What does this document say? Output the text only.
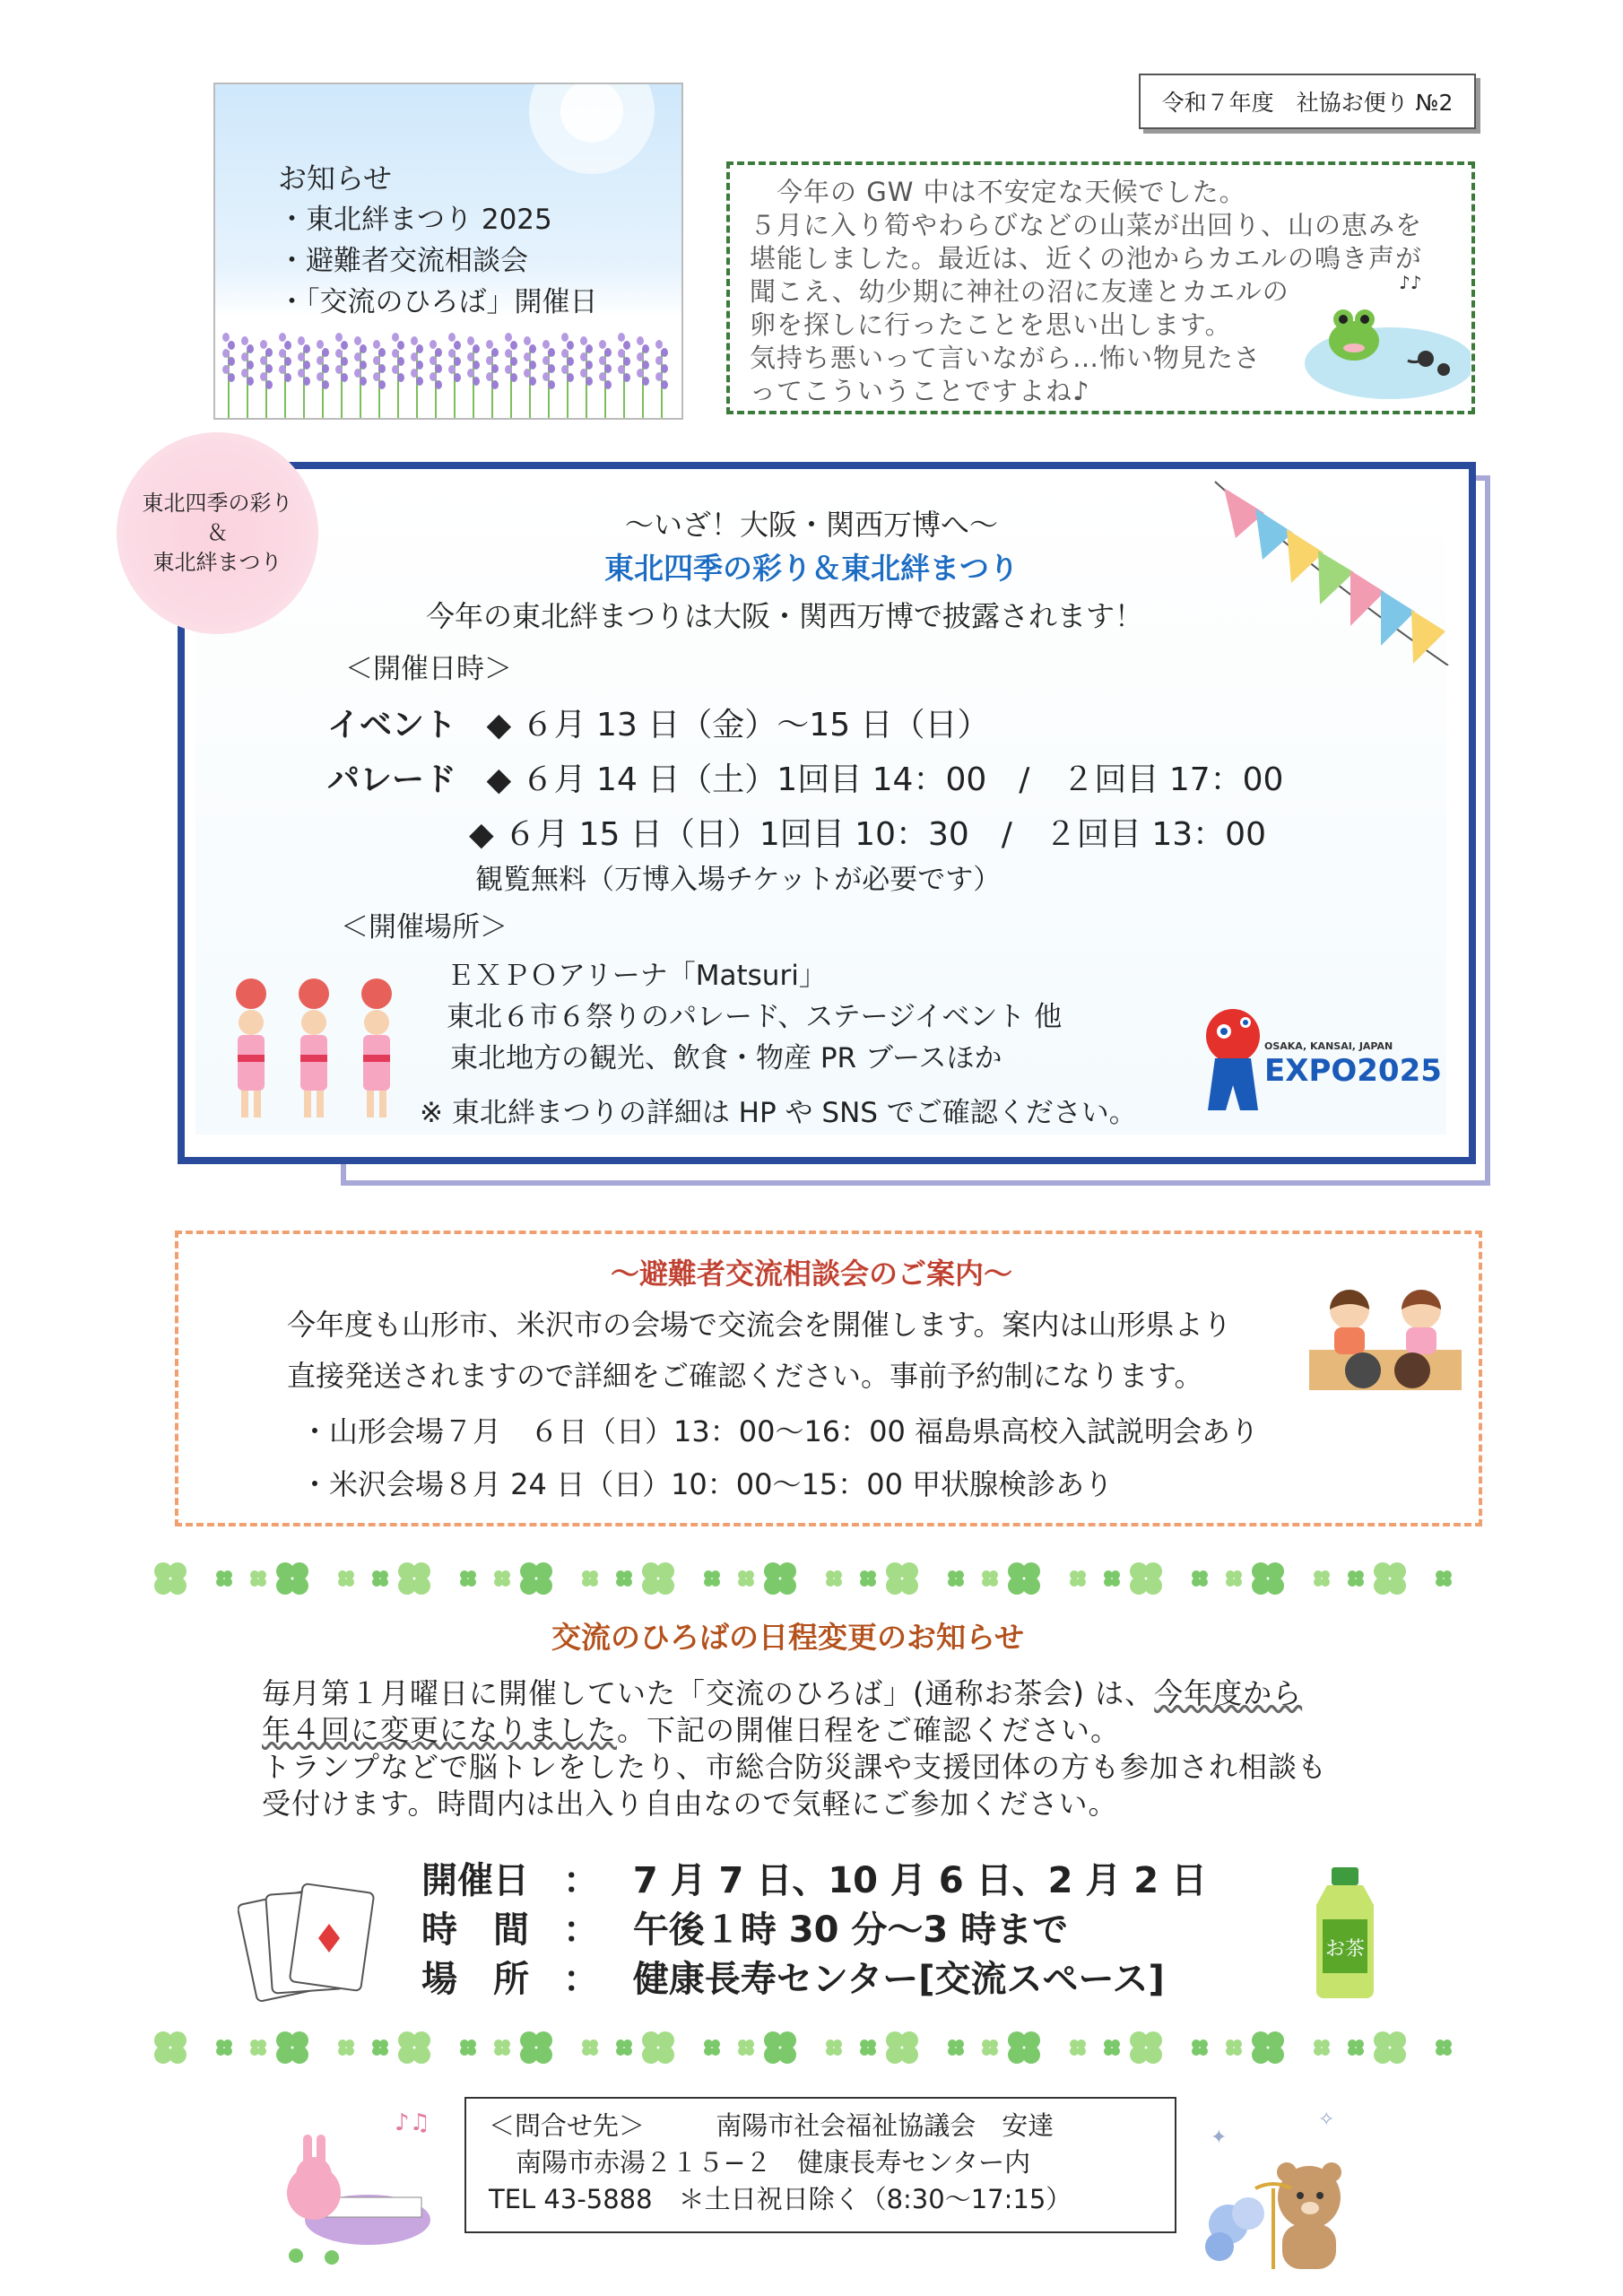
令和７年度　社協お便り №2
お知らせ
・ 東北絆まつり 2025
・ 避難者交流相談会
・ 「交流のひろば」開催日

　今年の GW 中は不安定な天候でした。

５月に入り筍やわらびなどの山菜が出回り、山の恵みを

堪能しました。最近は、近くの池からカエルの鳴き声が

聞こえ、幼少期に神社の沼に友達とカエルの

卵を探しに行ったことを思い出します。

気持ち悪いって言いながら…怖い物見たさ

ってこういうことですよね♪

♪♪
東北四季の彩り
＆
東北絆まつり
〜いざ！大阪・関西万博へ〜
東北四季の彩り＆東北絆まつり
今年の東北絆まつりは大阪・関西万博で披露されます！
＜開催日時＞
イベント ◆ ６月 13 日（金）〜15 日（日）
パレード ◆ ６月 14 日（土）1回目 14：00　/　２回目 17：00
◆ ６月 15 日（日）1回目 10：30　/　２回目 13：00
観覧無料（万博入場チケットが必要です）
＜開催場所＞
ＥＸＰＯアリーナ「Matsuri」
東北６市６祭りのパレード、ステージイベント 他
東北地方の観光、飲食・物産 PR ブースほか
※ 東北絆まつりの詳細は HP や SNS でご確認ください。
OSAKA, KANSAI, JAPAN
EXPO2025
〜避難者交流相談会のご案内〜
今年度も山形市、米沢市の会場で交流会を開催します。案内は山形県より
直接発送されますので詳細をご確認ください。事前予約制になります。
・山形会場７月　６日（日）13：00〜16：00 福島県高校入試説明会あり
・米沢会場８月 24 日（日）10：00〜15：00 甲状腺検診あり
交流のひろばの日程変更のお知らせ
毎月第１月曜日に開催していた「交流のひろば」(通称お茶会) は、今年度から
年４回に変更になりました。下記の開催日程をご確認ください。
トランプなどで脳トレをしたり、市総合防災課や支援団体の方も参加され相談も
受付けます。時間内は出入り自由なので気軽にご参加ください。
開催日 ： 7 月 7 日、10 月 6 日、2 月 2 日
時　間 ： 午後１時 30 分〜3 時まで
場　所 ： 健康長寿センター[交流スペース]
お茶
＜問合せ先＞	南陽市社会福祉協議会　安達
南陽市赤湯２１５−２　健康長寿センター内
TEL 43-5888　＊土日祝日除く（8:30〜17:15）
♪♫
✦
✧
